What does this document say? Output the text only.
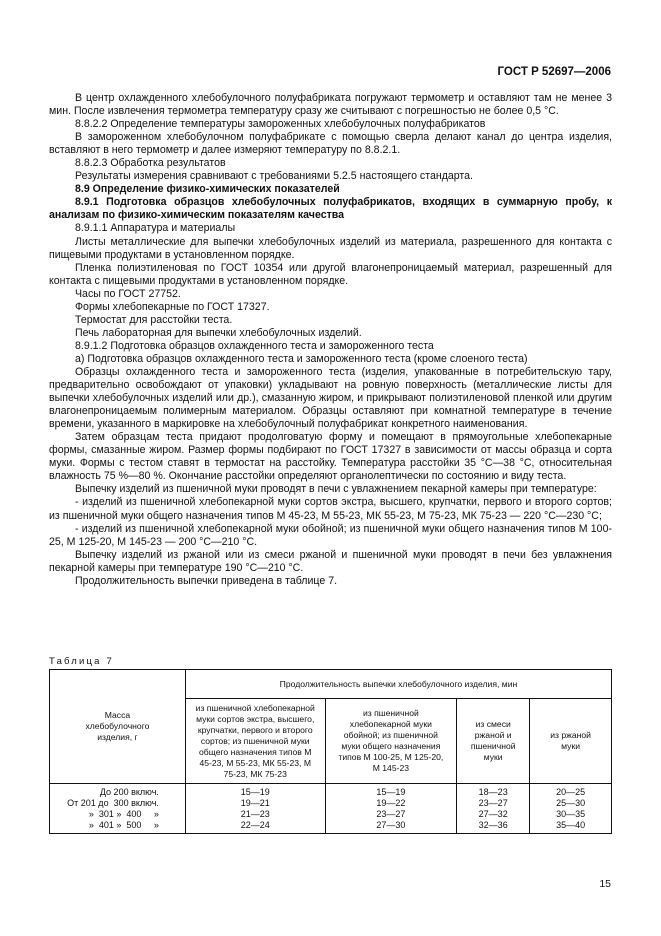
ГОСТ Р 52697—2006

В центр охлажденного хлебобулочного полуфабриката погружают термометр и оставляют там не менее 3 мин. После извлечения термометра температуру сразу же считывают с погрешностью не более 0,5 °С.

8.8.2.2 Определение температуры замороженных хлебобулочных полуфабрикатов

В замороженном хлебобулочном полуфабрикате с помощью сверла делают канал до центра изделия, вставляют в него термометр и далее измеряют температуру по 8.8.2.1.

8.8.2.3 Обработка результатов

Результаты измерения сравнивают с требованиями 5.2.5 настоящего стандарта.

8.9 Определение физико-химических показателей

8.9.1 Подготовка образцов хлебобулочных полуфабрикатов, входящих в суммарную пробу, к анализам по физико-химическим показателям качества

8.9.1.1 Аппаратура и материалы

Листы металлические для выпечки хлебобулочных изделий из материала, разрешенного для контакта с пищевыми продуктами в установленном порядке.

Пленка полиэтиленовая по ГОСТ 10354 или другой влагонепроницаемый материал, разрешенный для контакта с пищевыми продуктами в установленном порядке.

Часы по ГОСТ 27752.

Формы хлебопекарные по ГОСТ 17327.

Термостат для расстойки теста.

Печь лабораторная для выпечки хлебобулочных изделий.

8.9.1.2 Подготовка образцов охлажденного теста и замороженного теста

а) Подготовка образцов охлажденного теста и замороженного теста (кроме слоеного теста)

Образцы охлажденного теста и замороженного теста (изделия, упакованные в потребительскую тару, предварительно освобождают от упаковки) укладывают на ровную поверхность (металлические листы для выпечки хлебобулочных изделий или др.), смазанную жиром, и прикрывают полиэтиленовой пленкой или другим влагонепроницаемым полимерным материалом. Образцы оставляют при комнатной температуре в течение времени, указанного в маркировке на хлебобулочный полуфабрикат конкретного наименования.

Затем образцам теста придают продолговатую форму и помещают в прямоугольные хлебопекарные формы, смазанные жиром. Размер формы подбирают по ГОСТ 17327 в зависимости от массы образца и сорта муки. Формы с тестом ставят в термостат на расстойку. Температура расстойки 35 °С—38 °С, относительная влажность 75 %—80 %. Окончание расстойки определяют органолептически по состоянию и виду теста.

Выпечку изделий из пшеничной муки проводят в печи с увлажнением пекарной камеры при температуре:

- изделий из пшеничной хлебопекарной муки сортов экстра, высшего, крупчатки, первого и второго сортов; из пшеничной муки общего назначения типов М 45-23, М 55-23, МК 55-23, М 75-23, МК 75-23 — 220 °С—230 °С;

- изделий из пшеничной хлебопекарной муки обойной; из пшеничной муки общего назначения типов М 100-25, М 125-20, М 145-23 — 200 °С—210 °С.

Выпечку изделий из ржаной или из смеси ржаной и пшеничной муки проводят в печи без увлажнения пекарной камеры при температуре 190 °С—210 °С.

Продолжительность выпечки приведена в таблице 7.

Таблица 7
Масса хлебобулочного изделия, г	Продолжительность выпечки хлебобулочного изделия, мин			
	из пшеничной хлебопекарной муки сортов экстра, высшего, крупчатки, первого и второго сортов; из пшеничной муки общего назначения типов М 45-23, М 55-23, МК 55-23, М 75-23, МК 75-23	из пшеничной хлебопекарной муки обойной; из пшеничной муки общего назначения типов М 100-25, М 125-20, М 145-23	из смеси ржаной и пшеничной муки	из ржаной муки
До 200 включ.	15—19	15—19	18—23	20—25
От 201 до  300 включ.	19—21	19—22	23—27	25—30
»  301 »  400     »	21—23	23—27	27—32	30—35
»  401 »  500     »	22—24	27—30	32—36	35—40
15
